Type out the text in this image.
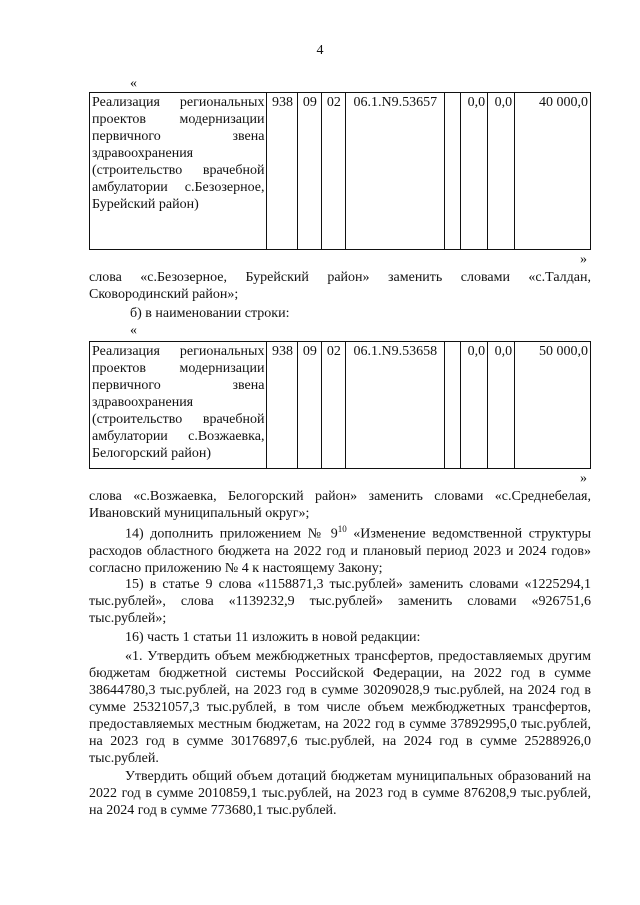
4
«
Реализация региональных проектов модернизации первичного звена здравоохранения (строительство врачебной амбулатории с.Безозерное, Бурейский район)	938	09	02	06.1.N9.53657		0,0	0,0	40 000,0
»
слова «с.Безозерное, Бурейский район» заменить словами «с.Талдан, Сковородинский район»;
б) в наименовании строки:
«
Реализация региональных проектов модернизации первичного звена здравоохранения (строительство врачебной амбулатории с.Возжаевка, Белогорский район)	938	09	02	06.1.N9.53658		0,0	0,0	50 000,0
»
слова «с.Возжаевка, Белогорский район» заменить словами «с.Среднебелая, Ивановский муниципальный округ»;
14) дополнить приложением № $9^{10}$ «Изменение ведомственной структуры расходов областного бюджета на 2022 год и плановый период 2023 и 2024 годов» согласно приложению № 4 к настоящему Закону;
15) в статье 9 слова «1158871,3 тыс.рублей» заменить словами «1225294,1 тыс.рублей», слова «1139232,9 тыс.рублей» заменить словами «926751,6 тыс.рублей»;
16) часть 1 статьи 11 изложить в новой редакции:
«1. Утвердить объем межбюджетных трансфертов, предоставляемых другим бюджетам бюджетной системы Российской Федерации, на 2022 год в сумме 38644780,3 тыс.рублей, на 2023 год в сумме 30209028,9 тыс.рублей, на 2024 год в сумме 25321057,3 тыс.рублей, в том числе объем межбюджетных трансфертов, предоставляемых местным бюджетам, на 2022 год в сумме 37892995,0 тыс.рублей, на 2023 год в сумме 30176897,6 тыс.рублей, на 2024 год в сумме 25288926,0 тыс.рублей.
Утвердить общий объем дотаций бюджетам муниципальных образований на 2022 год в сумме 2010859,1 тыс.рублей, на 2023 год в сумме 876208,9 тыс.рублей, на 2024 год в сумме 773680,1 тыс.рублей.
